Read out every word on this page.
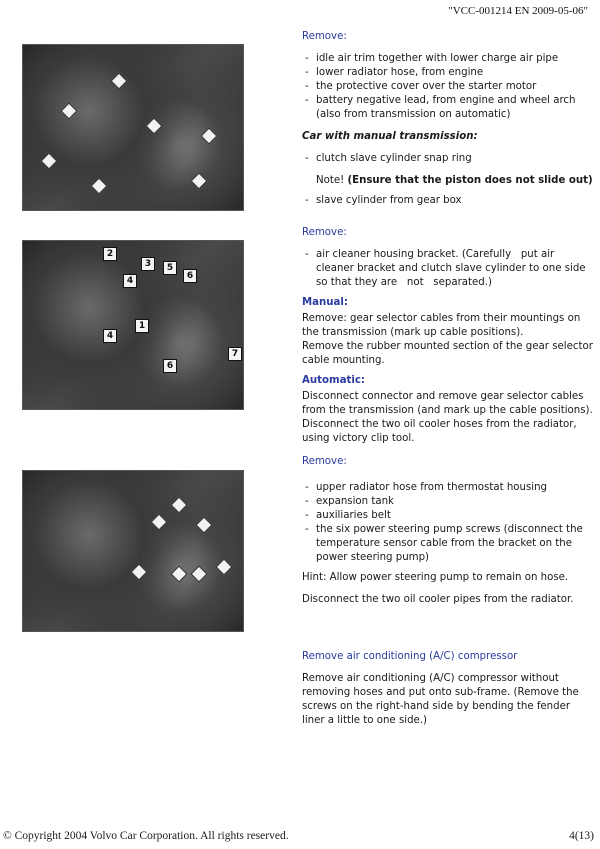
"VCC-001214 EN 2009-05-06"
2
3	5
6
4
1
4
6
7
Remove:
- idle air trim together with lower charge air pipe
- lower radiator hose, from engine
- the protective cover over the starter motor
- battery negative lead, from engine and wheel arch (also from transmission on automatic)
Car with manual transmission:
- clutch slave cylinder snap ring
Note! (Ensure that the piston does not slide out)
- slave cylinder from gear box
Remove:
- air cleaner housing bracket. (Carefully   put air cleaner bracket and clutch slave cylinder to one side so that they are   not   separated.)
Manual:

Remove: gear selector cables from their mountings on the transmission (mark up cable positions).

Remove the rubber mounted section of the gear selector cable mounting.

Automatic:

Disconnect connector and remove gear selector cables from the transmission (and mark up the cable positions).

Disconnect the two oil cooler hoses from the radiator, using victory clip tool.

Remove:
- upper radiator hose from thermostat housing
- expansion tank
- auxiliaries belt
- the six power steering pump screws (disconnect the temperature sensor cable from the bracket on the power steering pump)

Hint: Allow power steering pump to remain on hose.

Disconnect the two oil cooler pipes from the radiator.

Remove air conditioning (A/C) compressor

Remove air conditioning (A/C) compressor without removing hoses and put onto sub-frame. (Remove the screws on the right-hand side by bending the fender liner a little to one side.)

© Copyright 2004 Volvo Car Corporation. All rights reserved.	4(13)
